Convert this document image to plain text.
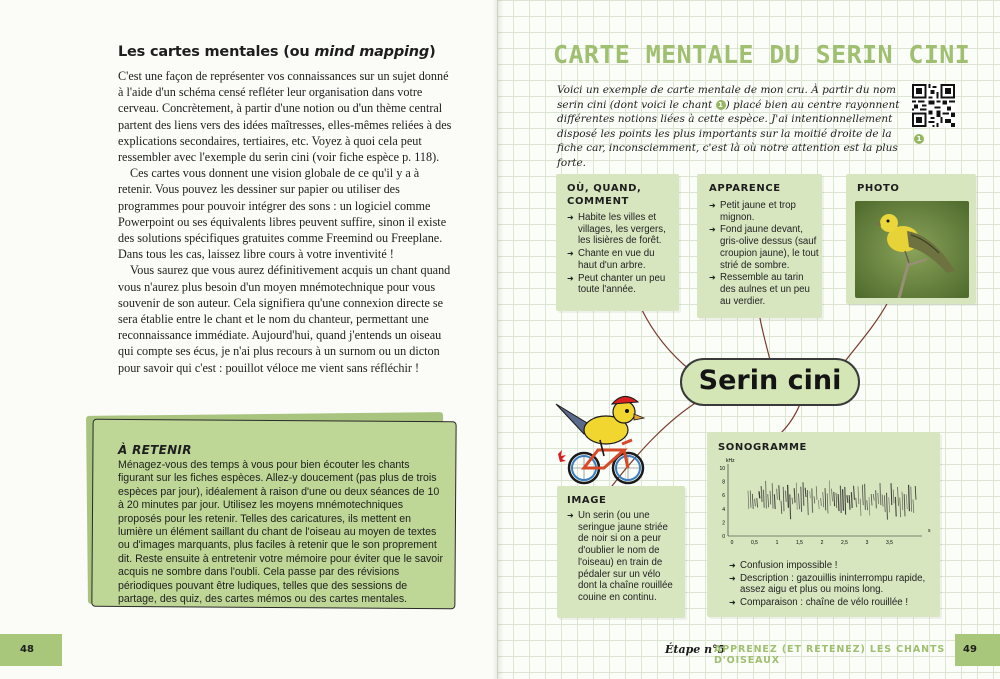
Les cartes mentales (ou mind mapping)

C'est une façon de représenter vos connaissances sur un sujet donné à l'aide d'un schéma censé refléter leur organisation dans votre cerveau. Concrètement, à partir d'une notion ou d'un thème central partent des liens vers des idées maîtresses, elles-mêmes reliées à des explications secondaires, tertiaires, etc. Voyez à quoi cela peut ressembler avec l'exemple du serin cini (voir fiche espèce p. 118).

Ces cartes vous donnent une vision globale de ce qu'il y a à retenir. Vous pouvez les dessiner sur papier ou utiliser des programmes pour pouvoir intégrer des sons : un logiciel comme Powerpoint ou ses équivalents libres peuvent suffire, sinon il existe des solutions spécifiques gratuites comme Freemind ou Freeplane. Dans tous les cas, laissez libre cours à votre inventivité !

Vous saurez que vous aurez définitivement acquis un chant quand vous n'aurez plus besoin d'un moyen mnémotechnique pour vous souvenir de son auteur. Cela signifiera qu'une connexion directe se sera établie entre le chant et le nom du chanteur, permettant une reconnaissance immédiate. Aujourd'hui, quand j'entends un oiseau qui compte ses écus, je n'ai plus recours à un surnom ou un dicton pour savoir qui c'est : pouillot véloce me vient sans réfléchir !

À RETENIR
Ménagez-vous des temps à vous pour bien écouter les chants figurant sur les fiches espèces. Allez-y doucement (pas plus de trois espèces par jour), idéalement à raison d'une ou deux séances de 10 à 20 minutes par jour. Utilisez les moyens mnémotechniques proposés pour les retenir. Telles des caricatures, ils mettent en lumière un élément saillant du chant de l'oiseau au moyen de textes ou d'images marquants, plus faciles à retenir que le son proprement dit. Reste ensuite à entretenir votre mémoire pour éviter que le savoir acquis ne sombre dans l'oubli. Cela passe par des révisions périodiques pouvant être ludiques, telles que des sessions de partage, des quiz, des cartes mémos ou des cartes mentales.
48
CARTE MENTALE DU SERIN CINI
Voici un exemple de carte mentale de mon cru. À partir du nom serin cini (dont voici le chant 1 ) placé bien au centre rayonnent différentes notions liées à cette espèce. J'ai intentionnellement disposé les points les plus importants sur la moitié droite de la fiche car, inconsciemment, c'est là où notre attention est la plus forte.
1
OÙ, QUAND, COMMENT
➜ Habite les villes et villages, les vergers, les lisières de forêt.
➜ Chante en vue du haut d'un arbre.
➜ Peut chanter un peu toute l'année.
APPARENCE
➜ Petit jaune et trop mignon.
➜ Fond jaune devant, gris-olive dessus (sauf croupion jaune), le tout strié de sombre.
➜ Ressemble au tarin des aulnes et un peu au verdier.
PHOTO
Serin cini
IMAGE
➜ Un serin (ou une seringue jaune striée de noir si on a peur d'oublier le nom de l'oiseau) en train de pédaler sur un vélo dont la chaîne rouillée couine en continu.
SONOGRAMME
kHz
10
8
6
4
2
0
0	0,5	1	1,5	2	2,5	3	3,5
s
➜ Confusion impossible !
➜ Description : gazouillis ininterrompu rapide, assez aigu et plus ou moins long.
➜ Comparaison : chaîne de vélo rouillée !
Étape n°5
APPRENEZ (ET RETENEZ) LES CHANTS D'OISEAUX
49
